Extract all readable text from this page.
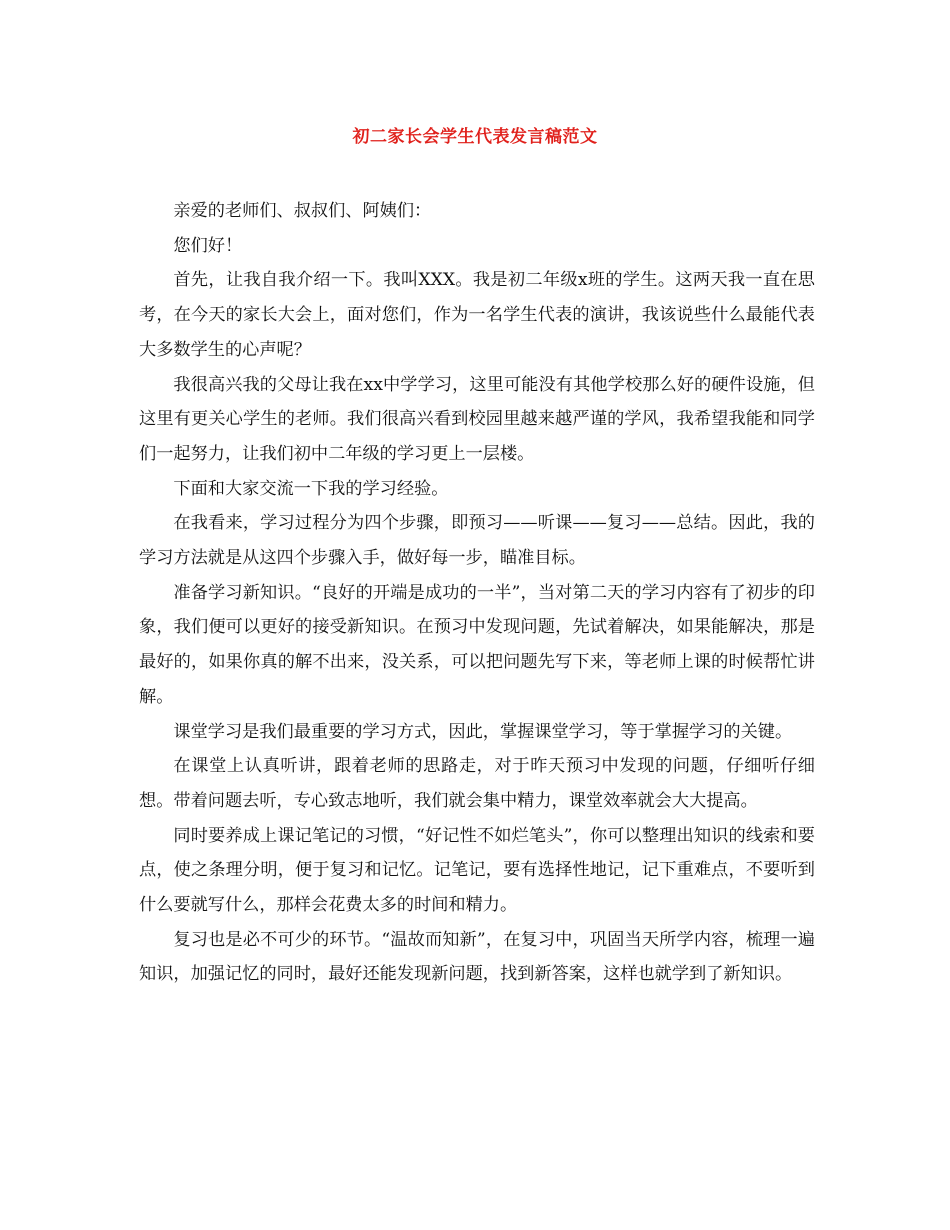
初二家长会学生代表发言稿范文

亲爱的老师们、叔叔们、阿姨们：

您们好！

首先，让我自我介绍一下。我叫XXX。我是初二年级x班的学生。这两天我一直在思考，在今天的家长大会上，面对您们，作为一名学生代表的演讲，我该说些什么最能代表大多数学生的心声呢？

我很高兴我的父母让我在xx中学学习，这里可能没有其他学校那么好的硬件设施，但这里有更关心学生的老师。我们很高兴看到校园里越来越严谨的学风，我希望我能和同学们一起努力，让我们初中二年级的学习更上一层楼。

下面和大家交流一下我的学习经验。

在我看来，学习过程分为四个步骤，即预习——听课——复习——总结。因此，我的学习方法就是从这四个步骤入手，做好每一步，瞄准目标。

准备学习新知识。“良好的开端是成功的一半”，当对第二天的学习内容有了初步的印象，我们便可以更好的接受新知识。在预习中发现问题，先试着解决，如果能解决，那是最好的，如果你真的解不出来，没关系，可以把问题先写下来，等老师上课的时候帮忙讲解。

课堂学习是我们最重要的学习方式，因此，掌握课堂学习，等于掌握学习的关键。

在课堂上认真听讲，跟着老师的思路走，对于昨天预习中发现的问题，仔细听仔细想。带着问题去听，专心致志地听，我们就会集中精力，课堂效率就会大大提高。

同时要养成上课记笔记的习惯，“好记性不如烂笔头”，你可以整理出知识的线索和要点，使之条理分明，便于复习和记忆。记笔记，要有选择性地记，记下重难点，不要听到什么要就写什么，那样会花费太多的时间和精力。

复习也是必不可少的环节。“温故而知新”，在复习中，巩固当天所学内容，梳理一遍知识，加强记忆的同时，最好还能发现新问题，找到新答案，这样也就学到了新知识。
